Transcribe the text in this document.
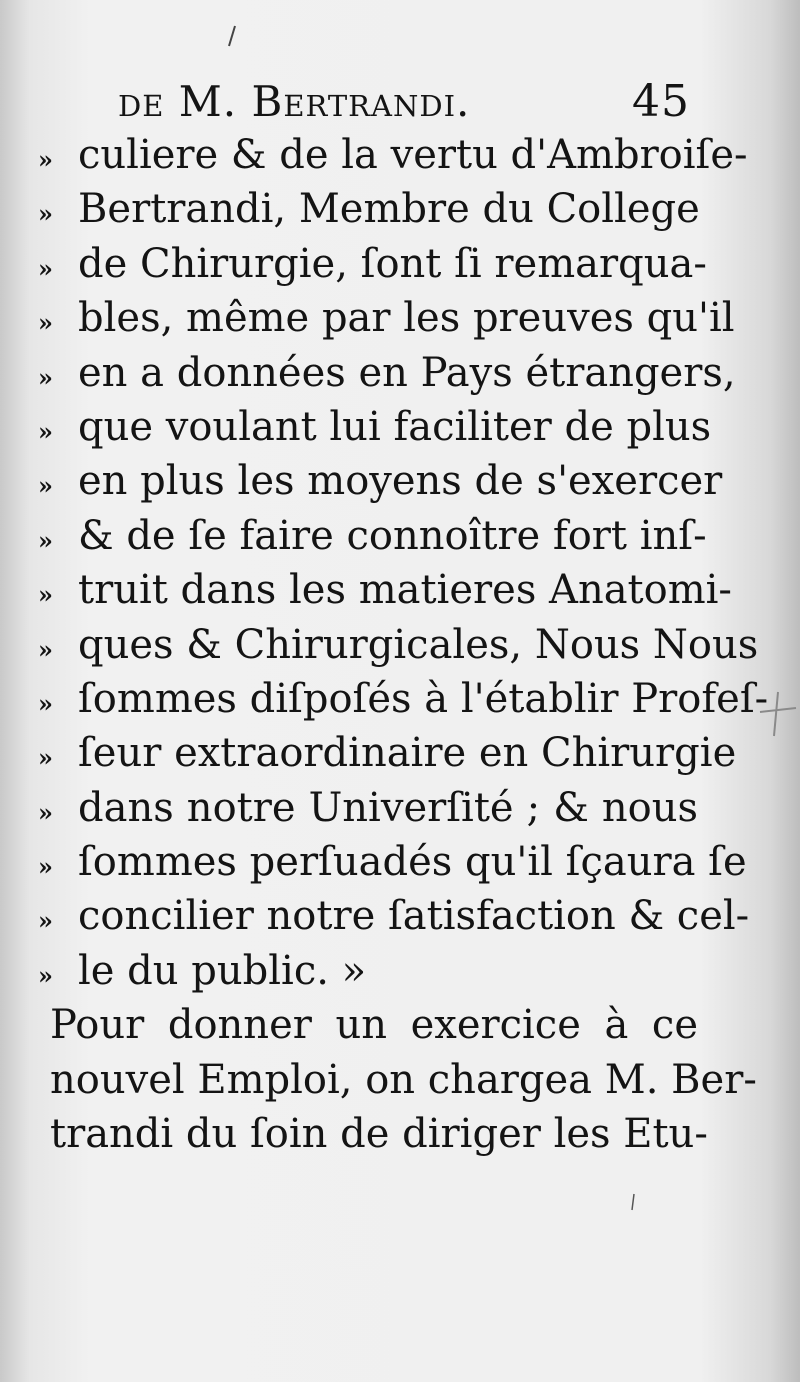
de M. Bertrandi.	45
» culiere & de la vertu d'Ambroiſe-
» Bertrandi, Membre du College
» de Chirurgie, ſont ſi remarqua-
» bles, même par les preuves qu'il
» en a données en Pays étrangers,
» que voulant lui faciliter de plus
» en plus les moyens de s'exercer
» & de ſe faire connoître fort inſ-
» truit dans les matieres Anatomi-
» ques & Chirurgicales, Nous Nous
» ſommes diſpoſés à l'établir Profeſ-
» ſeur extraordinaire en Chirurgie
» dans notre Univerſité ; & nous
» ſommes perſuadés qu'il ſçaura ſe
» concilier notre ſatisfaction & cel-
» le du public. »
Pour donner un exercice à ce
nouvel Emploi, on chargea M. Ber-
trandi du ſoin de diriger les Etu-
